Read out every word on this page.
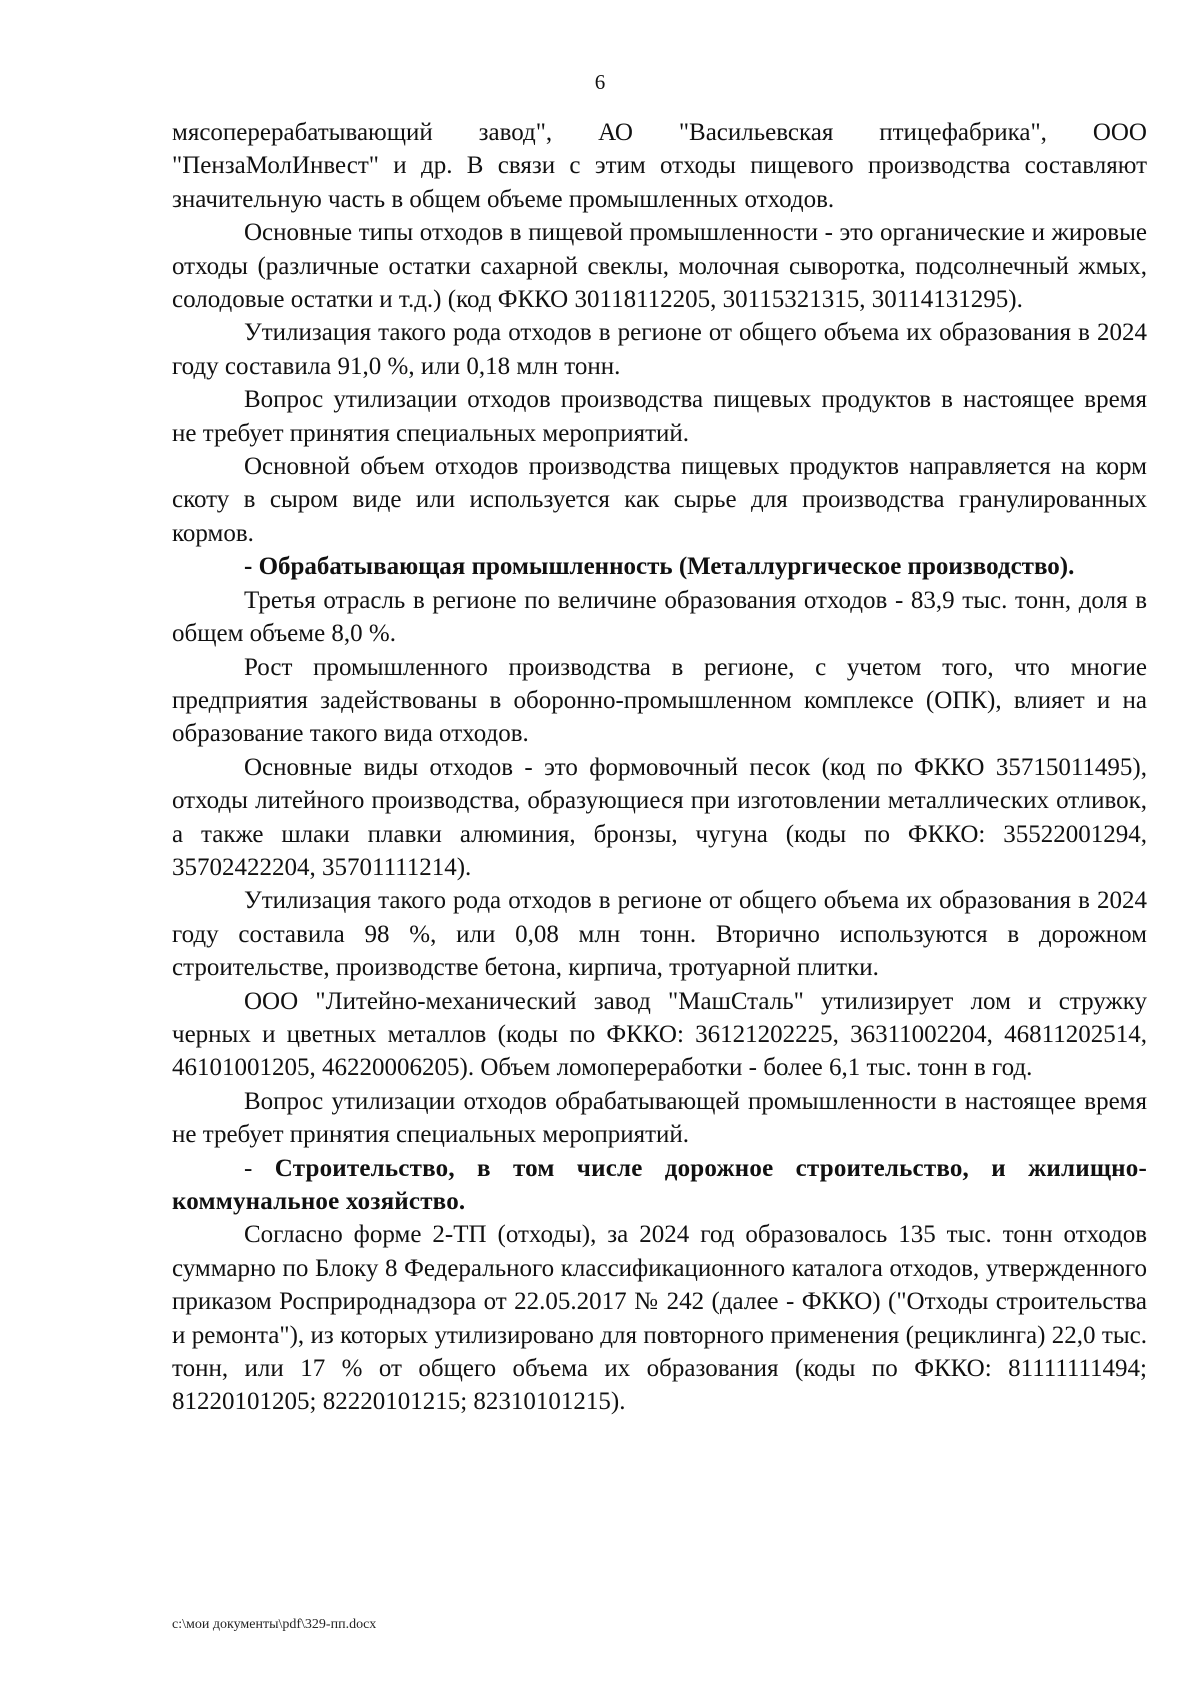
6

мясоперерабатывающий завод", АО "Васильевская птицефабрика", ООО "ПензаМолИнвест" и др. В связи с этим отходы пищевого производства составляют значительную часть в общем объеме промышленных отходов.

Основные типы отходов в пищевой промышленности - это органические и жировые отходы (различные остатки сахарной свеклы, молочная сыворотка, подсолнечный жмых, солодовые остатки и т.д.) (код ФККО 30118112205, 30115321315, 30114131295).

Утилизация такого рода отходов в регионе от общего объема их образования в 2024 году составила 91,0 %, или 0,18 млн тонн.

Вопрос утилизации отходов производства пищевых продуктов в настоящее время не требует принятия специальных мероприятий.

Основной объем отходов производства пищевых продуктов направляется на корм скоту в сыром виде или используется как сырье для производства гранулированных кормов.

- Обрабатывающая промышленность (Металлургическое производство).

Третья отрасль в регионе по величине образования отходов - 83,9 тыс. тонн, доля в общем объеме 8,0 %.

Рост промышленного производства в регионе, с учетом того, что многие предприятия задействованы в оборонно-промышленном комплексе (ОПК), влияет и на образование такого вида отходов.

Основные виды отходов - это формовочный песок (код по ФККО 35715011495), отходы литейного производства, образующиеся при изготовлении металлических отливок, а также шлаки плавки алюминия, бронзы, чугуна (коды по ФККО: 35522001294, 35702422204, 35701111214).

Утилизация такого рода отходов в регионе от общего объема их образования в 2024 году составила 98 %, или 0,08 млн тонн. Вторично используются в дорожном строительстве, производстве бетона, кирпича, тротуарной плитки.

ООО "Литейно-механический завод "МашСталь" утилизирует лом и стружку черных и цветных металлов (коды по ФККО: 36121202225, 36311002204, 46811202514, 46101001205, 46220006205). Объем ломопереработки - более 6,1 тыс. тонн в год.

Вопрос утилизации отходов обрабатывающей промышленности в настоящее время не требует принятия специальных мероприятий.

- Строительство, в том числе дорожное строительство, и жилищно-коммунальное хозяйство.

Согласно форме 2-ТП (отходы), за 2024 год образовалось 135 тыс. тонн отходов суммарно по Блоку 8 Федерального классификационного каталога отходов, утвержденного приказом Росприроднадзора от 22.05.2017 № 242 (далее - ФККО) ("Отходы строительства и ремонта"), из которых утилизировано для повторного применения (рециклинга) 22,0 тыс. тонн, или 17 % от общего объема их образования (коды по ФККО: 81111111494; 81220101205; 82220101215; 82310101215).

c:\мои документы\pdf\329-пп.docx
